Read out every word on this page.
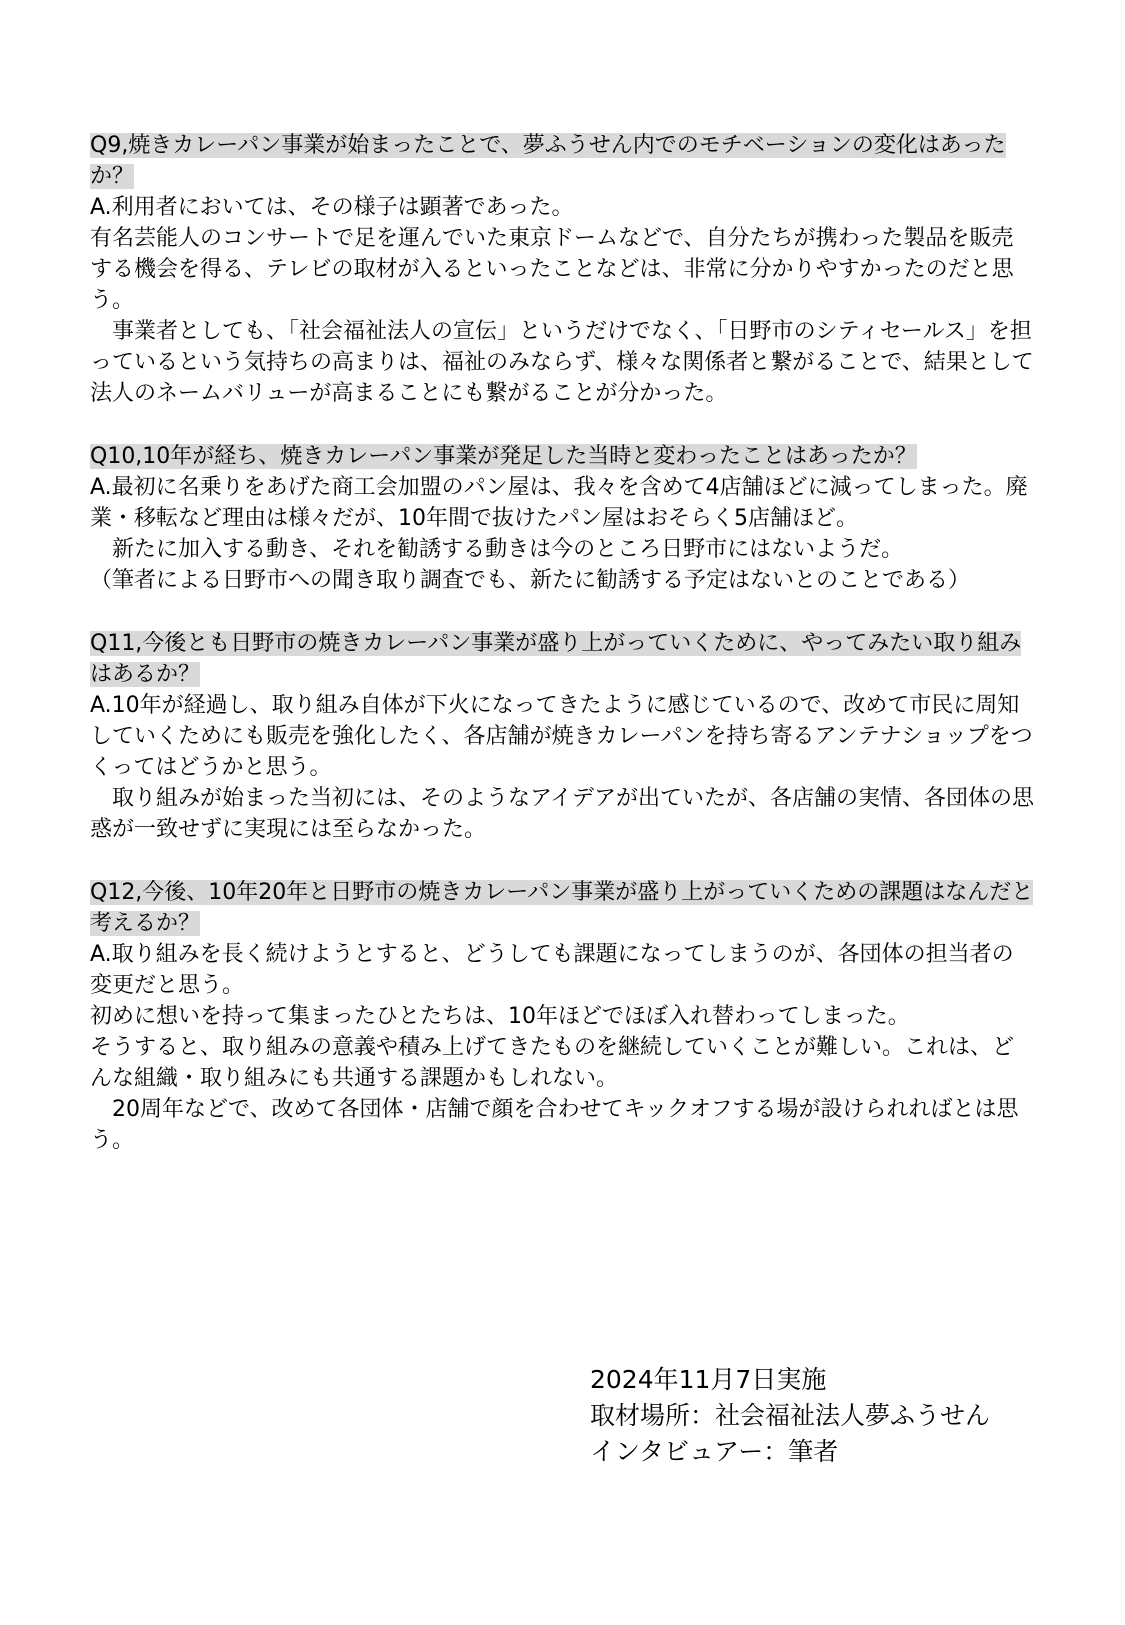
Q9,焼きカレーパン事業が始まったことで、夢ふうせん内でのモチベーションの変化はあったか？

A.利用者においては、その様子は顕著であった。

有名芸能人のコンサートで足を運んでいた東京ドームなどで、自分たちが携わった製品を販売する機会を得る、テレビの取材が入るといったことなどは、非常に分かりやすかったのだと思う。

事業者としても、「社会福祉法人の宣伝」というだけでなく、「日野市のシティセールス」を担っているという気持ちの高まりは、福祉のみならず、様々な関係者と繋がることで、結果として法人のネームバリューが高まることにも繋がることが分かった。

Q10,10年が経ち、焼きカレーパン事業が発足した当時と変わったことはあったか？

A.最初に名乗りをあげた商工会加盟のパン屋は、我々を含めて4店舗ほどに減ってしまった。廃業・移転など理由は様々だが、10年間で抜けたパン屋はおそらく5店舗ほど。

新たに加入する動き、それを勧誘する動きは今のところ日野市にはないようだ。

（筆者による日野市への聞き取り調査でも、新たに勧誘する予定はないとのことである）

Q11,今後とも日野市の焼きカレーパン事業が盛り上がっていくために、やってみたい取り組みはあるか？

A.10年が経過し、取り組み自体が下火になってきたように感じているので、改めて市民に周知していくためにも販売を強化したく、各店舗が焼きカレーパンを持ち寄るアンテナショップをつくってはどうかと思う。

取り組みが始まった当初には、そのようなアイデアが出ていたが、各店舗の実情、各団体の思惑が一致せずに実現には至らなかった。

Q12,今後、10年20年と日野市の焼きカレーパン事業が盛り上がっていくための課題はなんだと考えるか？

A.取り組みを長く続けようとすると、どうしても課題になってしまうのが、各団体の担当者の変更だと思う。

初めに想いを持って集まったひとたちは、10年ほどでほぼ入れ替わってしまった。

そうすると、取り組みの意義や積み上げてきたものを継続していくことが難しい。これは、どんな組織・取り組みにも共通する課題かもしれない。

20周年などで、改めて各団体・店舗で顔を合わせてキックオフする場が設けられればとは思う。

2024年11月7日実施
取材場所：社会福祉法人夢ふうせん
インタビュアー：筆者
